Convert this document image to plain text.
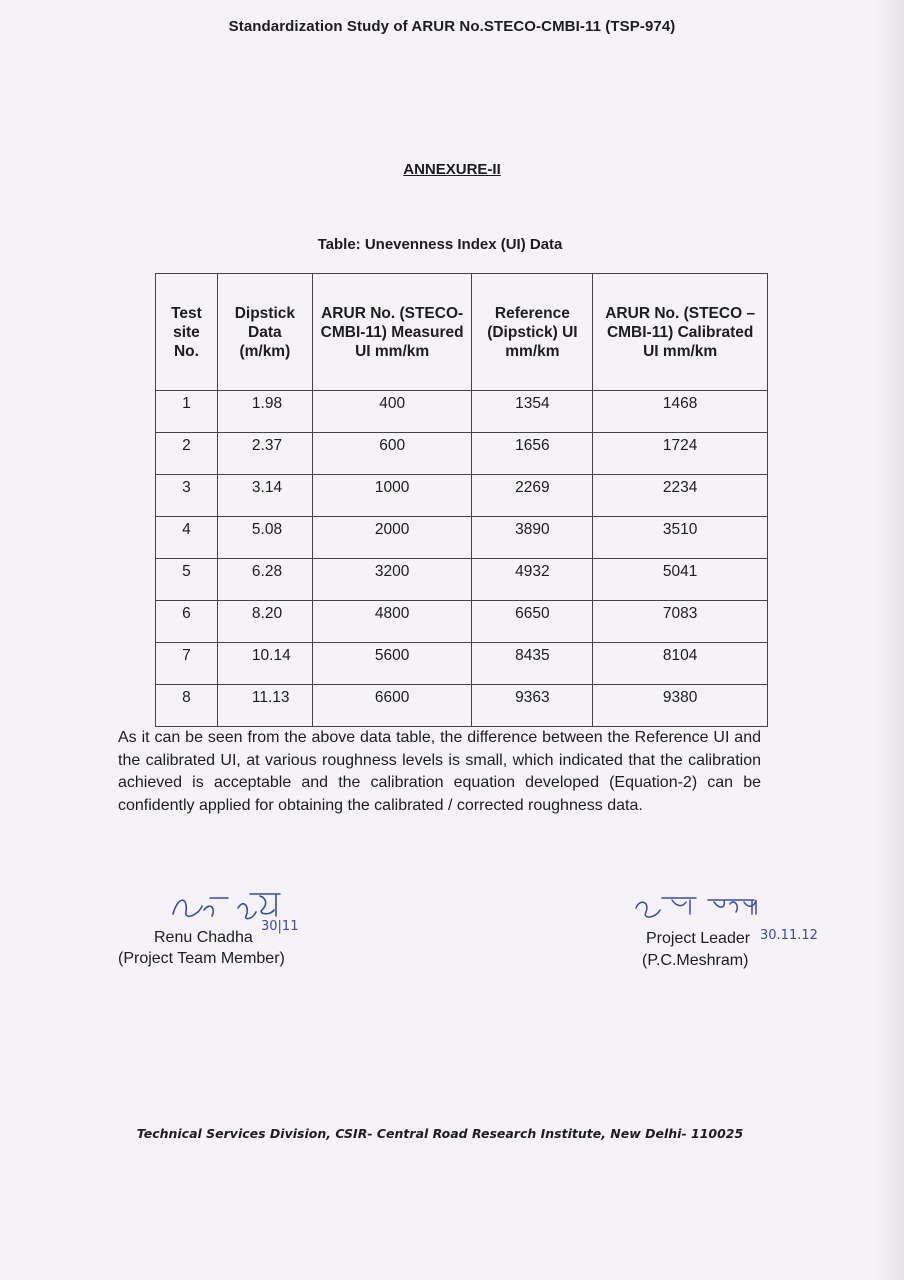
Standardization Study of ARUR No.STECO-CMBI-11 (TSP-974)
ANNEXURE-II
Table: Unevenness Index (UI) Data
Test site No.	Dipstick Data (m/km)	ARUR No. (STECO-CMBI-11) Measured UI mm/km	Reference (Dipstick) UI mm/km	ARUR No. (STECO –CMBI-11) Calibrated UI mm/km
1	1.98	400	1354	1468
2	2.37	600	1656	1724
3	3.14	1000	2269	2234
4	5.08	2000	3890	3510
5	6.28	3200	4932	5041
6	8.20	4800	6650	7083
7	10.14	5600	8435	8104
8	11.13	6600	9363	9380
As it can be seen from the above data table, the difference between the Reference UI and the calibrated UI, at various roughness levels is small, which indicated that the calibration achieved is acceptable and the calibration equation developed (Equation-2) can be confidently applied for obtaining the calibrated / corrected roughness data.
Renu Chadha
30|11
(Project Team Member)
Project Leader 30.11.12
(P.C.Meshram)
Technical Services Division, CSIR- Central Road Research Institute, New Delhi- 110025
